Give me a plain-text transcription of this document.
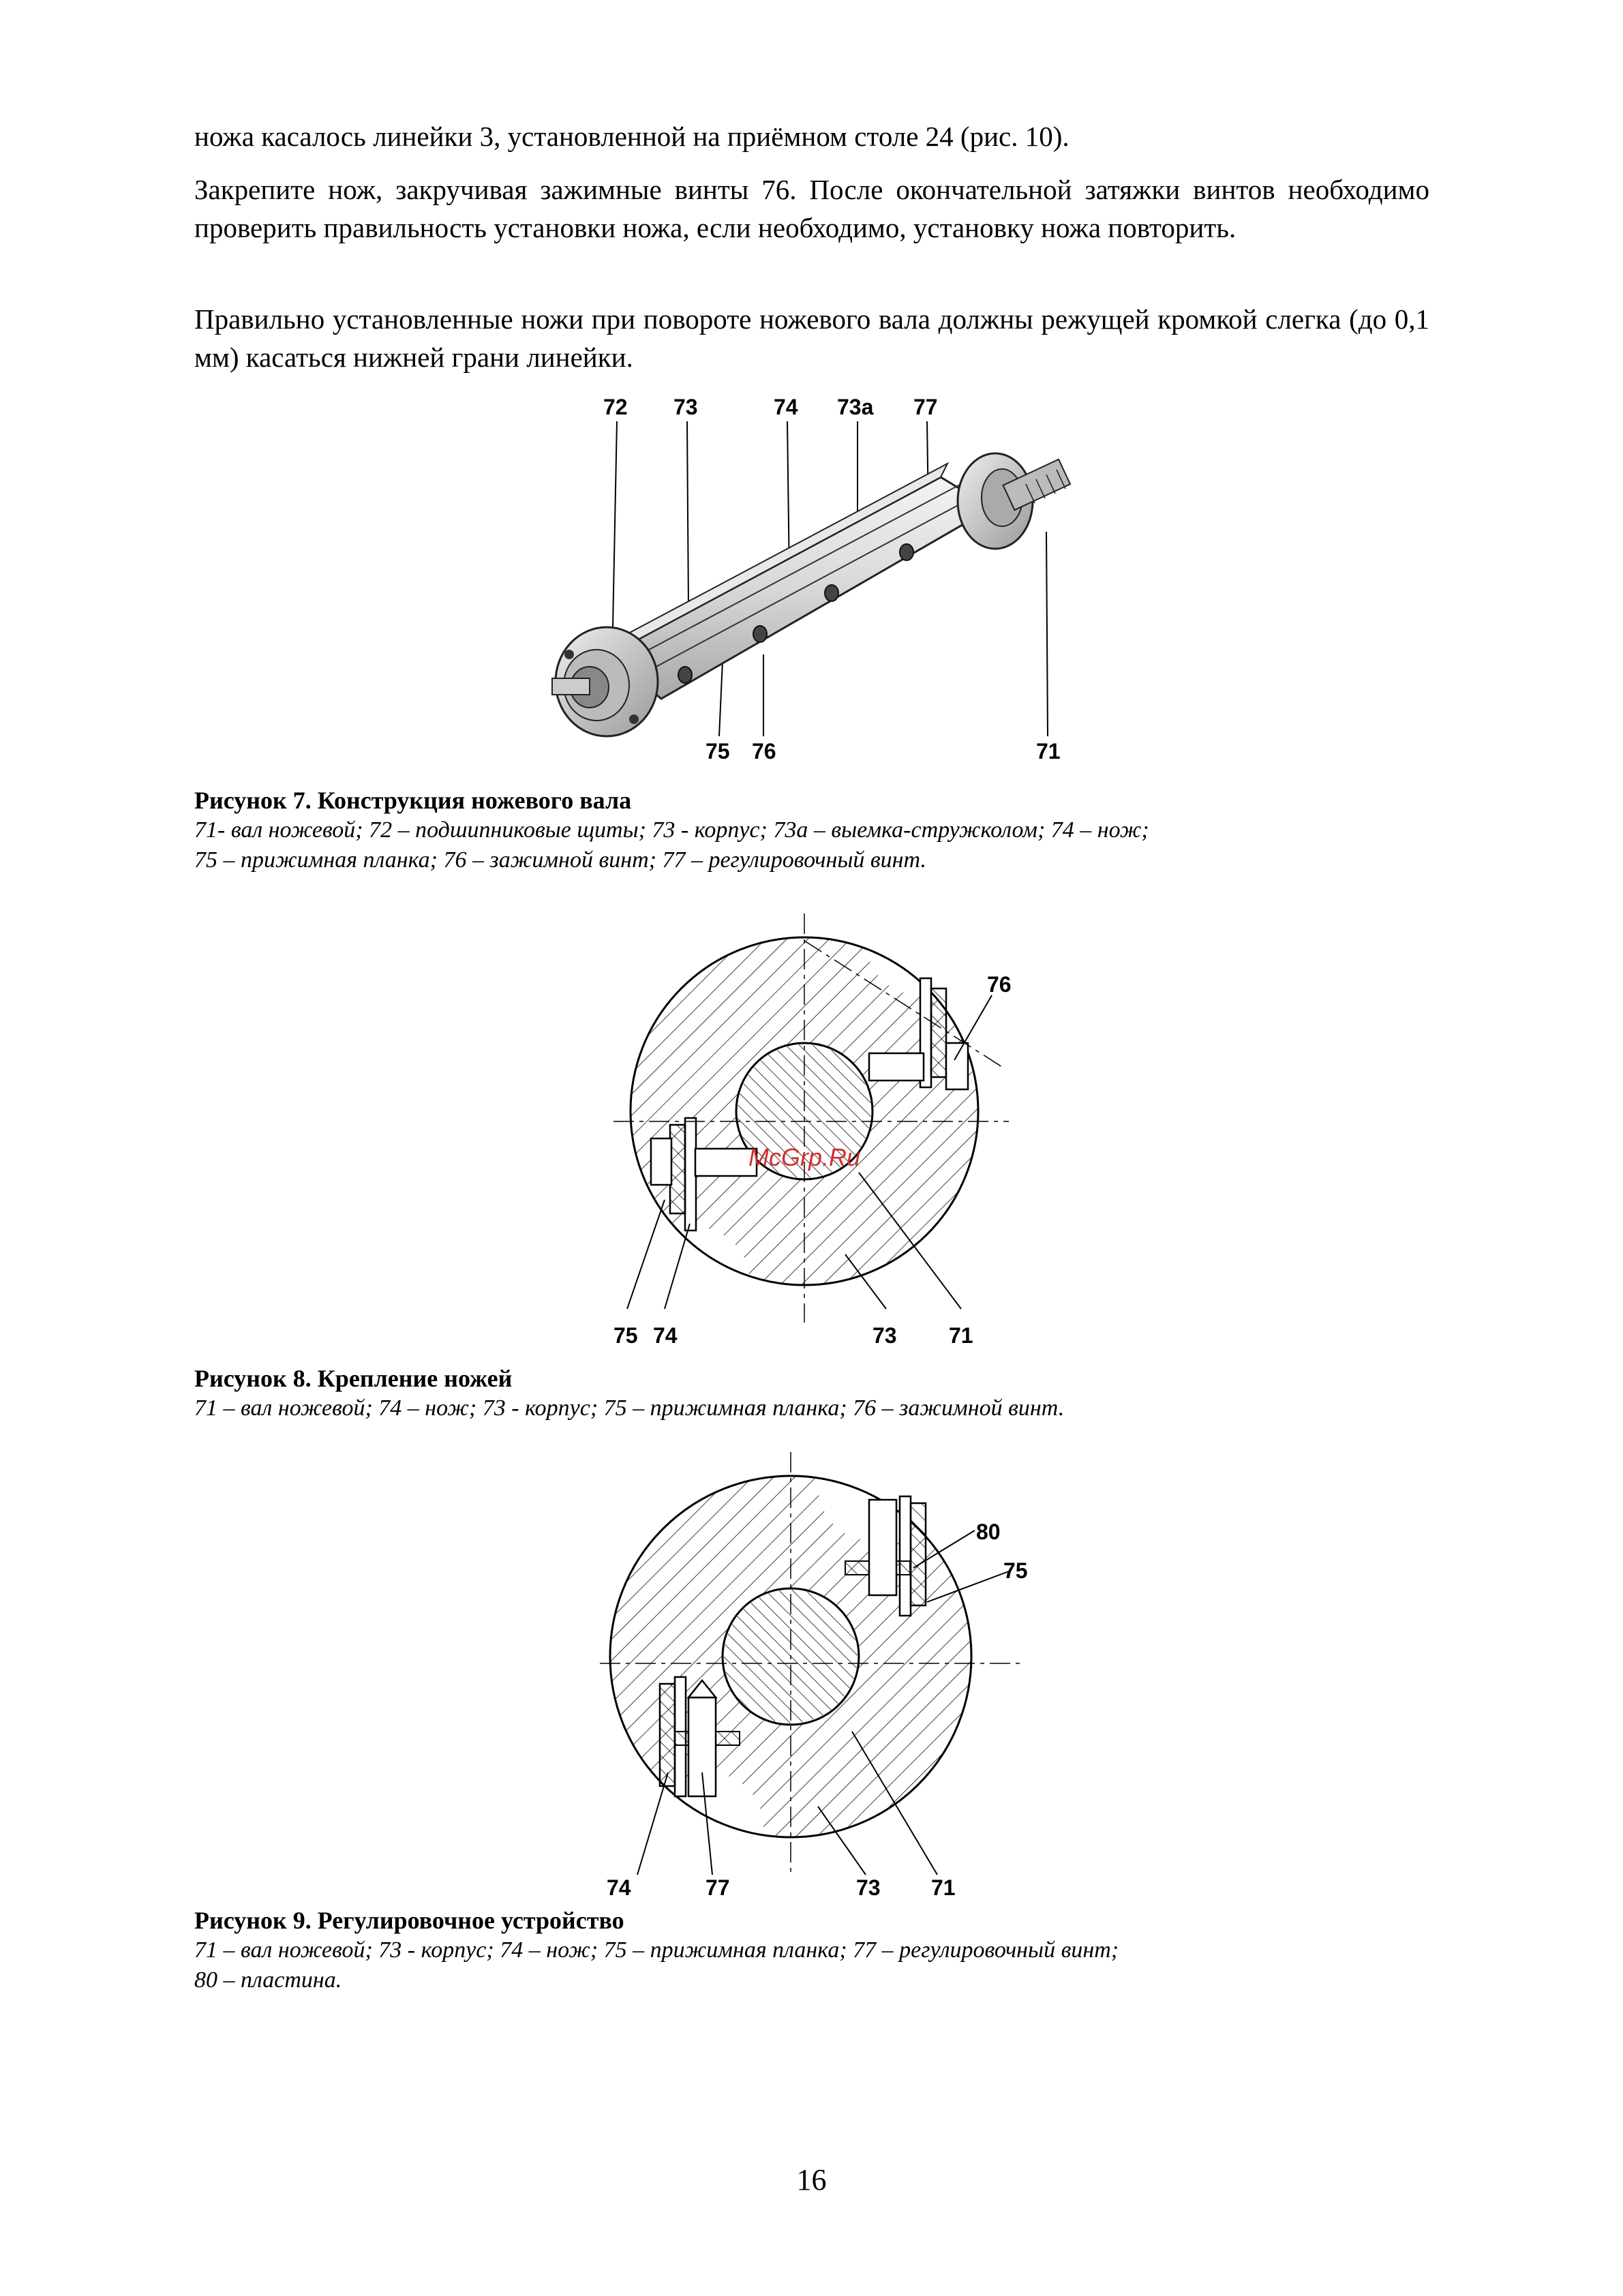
ножа касалось линейки 3, установленной на приёмном столе 24 (рис. 10).

Закрепите нож, закручивая зажимные винты 76. После окончательной затяжки винтов необходимо проверить правильность установки ножа, если необходимо, установку ножа повторить.

Правильно установленные ножи при повороте ножевого вала должны режущей кромкой слегка (до 0,1 мм) касаться нижней грани линейки.

72 73	74 73а 77
75 76	71
Рисунок 7. Конструкция ножевого вала
71- вал ножевой; 72 – подшипниковые щиты; 73 - корпус; 73а – выемка-стружколом; 74 – нож;
75 – прижимная планка; 76 – зажимной винт; 77 – регулировочный винт.
McGrp.Ru
76
75 74	73 71
Рисунок 8. Крепление ножей
71 – вал ножевой; 74 – нож; 73 - корпус; 75 – прижимная планка; 76 – зажимной винт.
80
75
74	77	73 71
Рисунок 9. Регулировочное устройство
71 – вал ножевой; 73 - корпус; 74 – нож; 75 – прижимная планка; 77 – регулировочный винт;
80 – пластина.
16
